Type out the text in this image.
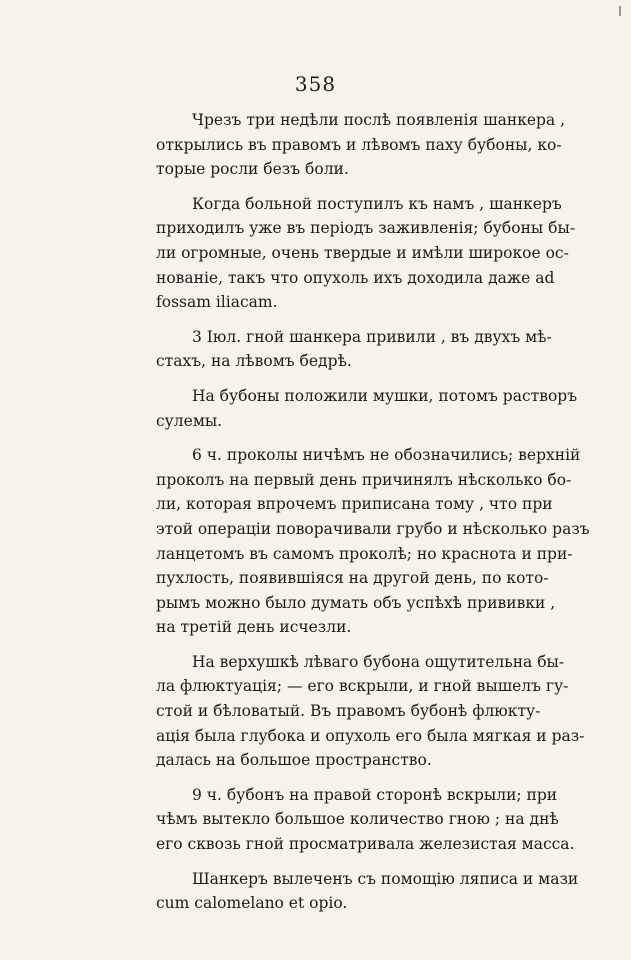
358

Чрезъ три недѣли послѣ появленія шанкера ,
открылись въ правомъ и лѣвомъ паху бубоны, ко-
торые росли безъ боли.

Когда больной поступилъ къ намъ , шанкеръ
приходилъ уже въ періодъ заживленія; бубоны бы-
ли огромные, очень твердые и имѣли широкое ос-
нованіе, такъ что опухоль ихъ доходила даже ad
fossam iliacam.

3 Іюл. гной шанкера привили , въ двухъ мѣ-
стахъ, на лѣвомъ бедрѣ.

На бубоны положили мушки, потомъ растворъ
сулемы.

6 ч. проколы ничѣмъ не обозначились; верхній
проколъ на первый день причинялъ нѣсколько бо-
ли, которая впрочемъ приписана тому , что при
этой операціи поворачивали грубо и нѣсколько разъ
ланцетомъ въ самомъ проколѣ; но краснота и при-
пухлость, появившіяся на другой день, по кото-
рымъ можно было думать объ успѣхѣ прививки ,
на третій день исчезли.

На верхушкѣ лѣваго бубона ощутительна бы-
ла флюктуація; — его вскрыли, и гной вышелъ гу-
стой и бѣловатый. Въ правомъ бубонѣ флюкту-
ація была глубока и опухоль его была мягкая и раз-
далась на большое пространство.

9 ч. бубонъ на правой сторонѣ вскрыли; при
чѣмъ вытекло большое количество гною ; на днѣ
его сквозь гной просматривала железистая масса.

Шанкеръ вылеченъ съ помощію ляписа и мази
cum calomelano et opio.
